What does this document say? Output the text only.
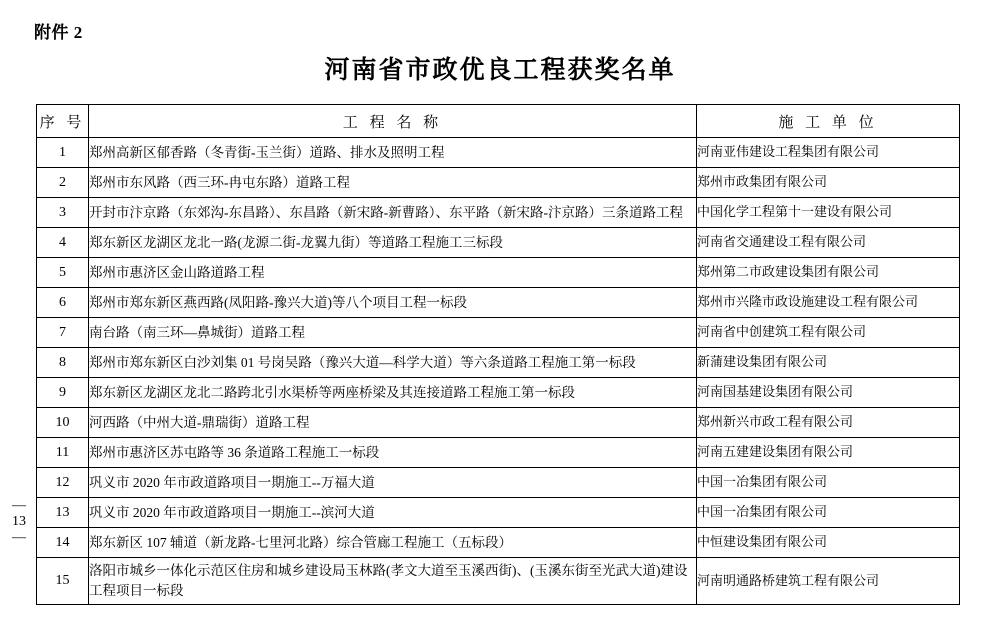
附件 2
河南省市政优良工程获奖名单
— 13 —
序 号	工 程 名 称	施 工 单 位
1	郑州高新区郁香路（冬青街-玉兰街）道路、排水及照明工程	河南亚伟建设工程集团有限公司
2	郑州市东风路（西三环-冉屯东路）道路工程	郑州市政集团有限公司
3	开封市汴京路（东郊沟-东昌路）、东昌路（新宋路-新曹路）、东平路（新宋路-汴京路）三条道路工程	中国化学工程第十一建设有限公司
4	郑东新区龙湖区龙北一路(龙源二街-龙翼九街）等道路工程施工三标段	河南省交通建设工程有限公司
5	郑州市惠济区金山路道路工程	郑州第二市政建设集团有限公司
6	郑州市郑东新区燕西路(凤阳路-豫兴大道)等八个项目工程一标段	郑州市兴隆市政设施建设工程有限公司
7	南台路（南三环—鼻城街）道路工程	河南省中创建筑工程有限公司
8	郑州市郑东新区白沙刘集 01 号岗吴路（豫兴大道—科学大道）等六条道路工程施工第一标段	新蒲建设集团有限公司
9	郑东新区龙湖区龙北二路跨北引水渠桥等两座桥梁及其连接道路工程施工第一标段	河南国基建设集团有限公司
10	河西路（中州大道-鼎瑞街）道路工程	郑州新兴市政工程有限公司
11	郑州市惠济区苏屯路等 36 条道路工程施工一标段	河南五建建设集团有限公司
12	巩义市 2020 年市政道路项目一期施工--万福大道	中国一冶集团有限公司
13	巩义市 2020 年市政道路项目一期施工--滨河大道	中国一冶集团有限公司
14	郑东新区 107 辅道（新龙路-七里河北路）综合管廊工程施工（五标段）	中恒建设集团有限公司
15	洛阳市城乡一体化示范区住房和城乡建设局玉林路(孝文大道至玉溪西街)、(玉溪东街至光武大道)建设工程项目一标段	河南明通路桥建筑工程有限公司
